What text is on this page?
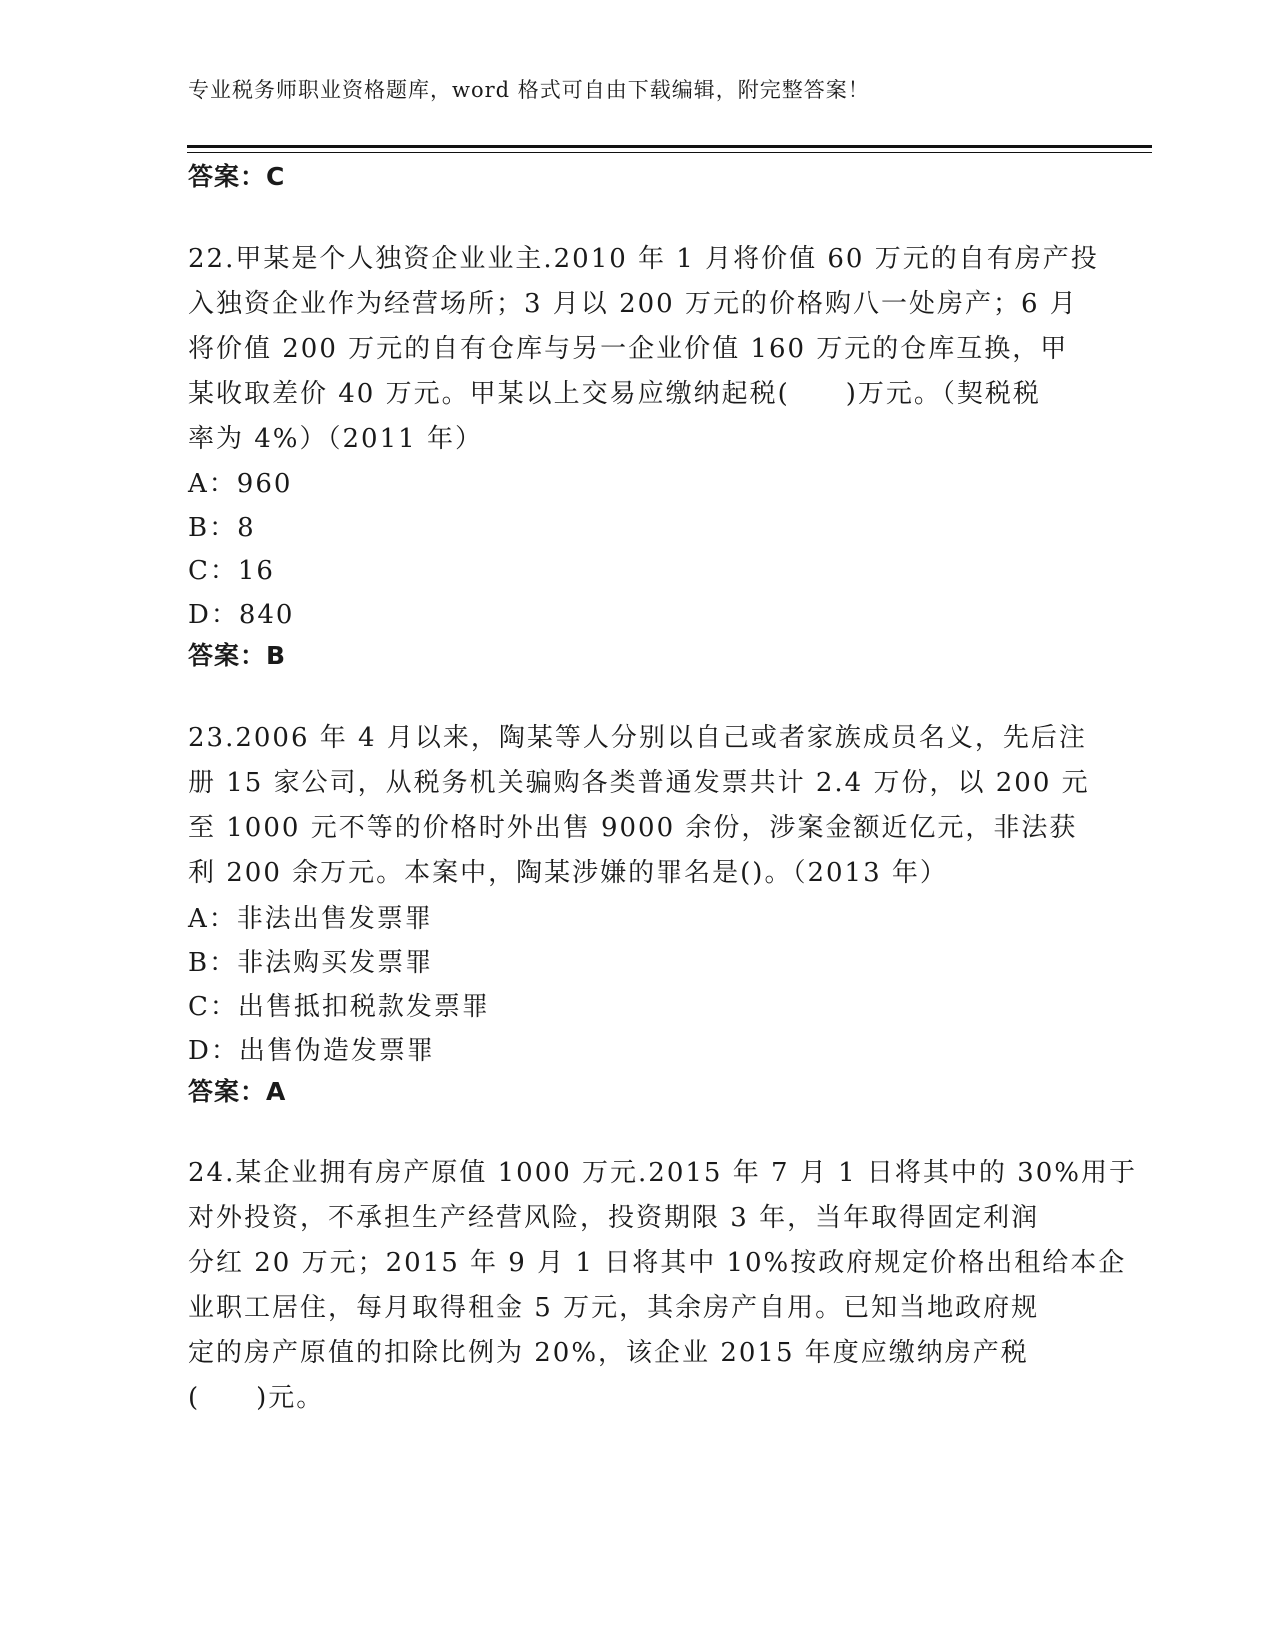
专业税务师职业资格题库，word 格式可自由下载编辑，附完整答案！
答案：C
22.甲某是个人独资企业业主.2010 年 1 月将价值 60 万元的自有房产投
入独资企业作为经营场所；3 月以 200 万元的价格购八一处房产；6 月
将价值 200 万元的自有仓库与另一企业价值 160 万元的仓库互换，甲
某收取差价 40 万元。甲某以上交易应缴纳起税(　　)万元。（契税税
率为 4%）（2011 年）
A：960
B：8
C：16
D：840
答案：B
23.2006 年 4 月以来，陶某等人分别以自己或者家族成员名义，先后注
册 15 家公司，从税务机关骗购各类普通发票共计 2.4 万份，以 200 元
至 1000 元不等的价格时外出售 9000 余份，涉案金额近亿元，非法获
利 200 余万元。本案中，陶某涉嫌的罪名是()。（2013 年）
A：非法出售发票罪
B：非法购买发票罪
C：出售抵扣税款发票罪
D：出售伪造发票罪
答案：A
24.某企业拥有房产原值 1000 万元.2015 年 7 月 1 日将其中的 30%用于
对外投资，不承担生产经营风险，投资期限 3 年，当年取得固定利润
分红 20 万元；2015 年 9 月 1 日将其中 10%按政府规定价格出租给本企
业职工居住，每月取得租金 5 万元，其余房产自用。已知当地政府规
定的房产原值的扣除比例为 20%，该企业 2015 年度应缴纳房产税
(　　)元。
